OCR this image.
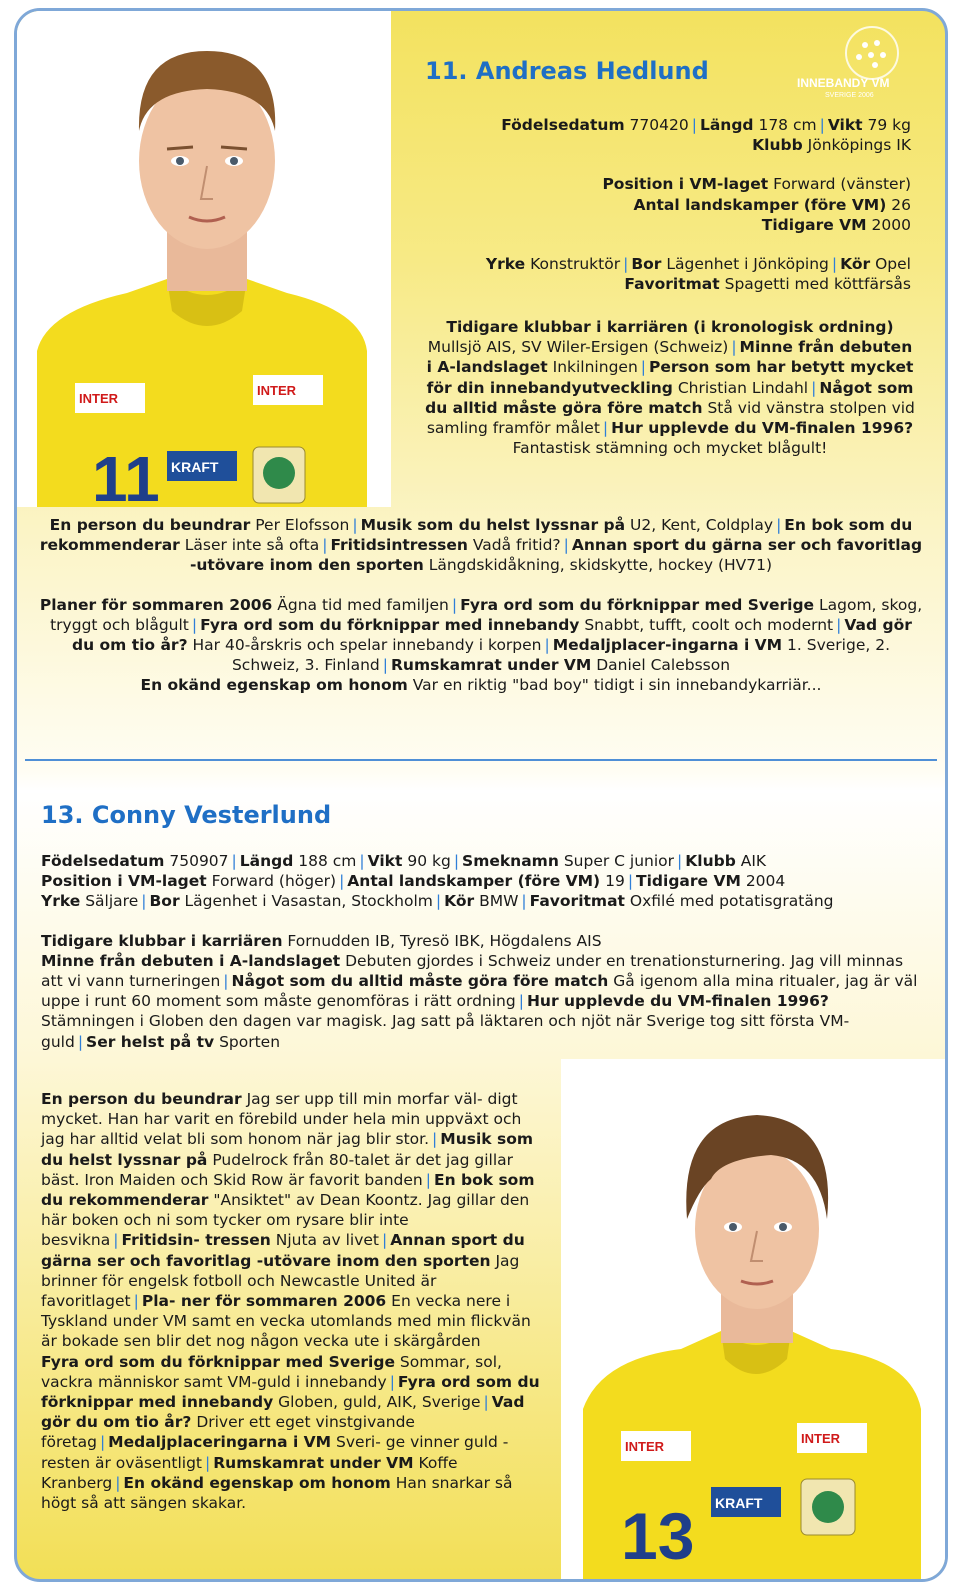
INTER
INTER
KRAFT
11
INNEBANDY VM
SVERIGE 2006
11. Andreas Hedlund

Födelsedatum 770420 | Längd 178 cm | Vikt 79 kg
Klubb Jönköpings IK

Position i VM-laget Forward (vänster)
Antal landskamper (före VM) 26
Tidigare VM 2000

Yrke Konstruktör | Bor Lägenhet i Jönköping | Kör Opel
Favoritmat Spagetti med köttfärsås

Tidigare klubbar i karriären (i kronologisk ordning) Mullsjö AIS, SV Wiler-Ersigen (Schweiz) | Minne från debuten i A-landslaget Inkilningen | Person som har betytt mycket för din innebandyutveckling Christian Lindahl | Något som du alltid måste göra före match Stå vid vänstra stolpen vid samling framför målet | Hur upplevde du VM-finalen 1996? Fantastisk stämning och mycket blågult!

En person du beundrar Per Elofsson | Musik som du helst lyssnar på U2, Kent, Coldplay | En bok som du rekommenderar Läser inte så ofta | Fritidsintressen Vadå fritid? | Annan sport du gärna ser och favoritlag -utövare inom den sporten Längdskidåkning, skidskytte, hockey (HV71)

Planer för sommaren 2006 Ägna tid med familjen | Fyra ord som du förknippar med Sverige Lagom, skog, tryggt och blågult | Fyra ord som du förknippar med innebandy Snabbt, tufft, coolt och modernt | Vad gör du om tio år? Har 40-årskris och spelar innebandy i korpen | Medaljplacer-ingarna i VM 1. Sverige, 2. Schweiz, 3. Finland | Rumskamrat under VM Daniel Calebsson
En okänd egenskap om honom Var en riktig "bad boy" tidigt i sin innebandykarriär...

13. Conny Vesterlund

Födelsedatum 750907 | Längd 188 cm | Vikt 90 kg | Smeknamn Super C junior | Klubb AIK
Position i VM-laget Forward (höger) | Antal landskamper (före VM) 19 | Tidigare VM 2004
Yrke Säljare | Bor Lägenhet i Vasastan, Stockholm | Kör BMW | Favoritmat Oxfilé med potatisgratäng

Tidigare klubbar i karriären Fornudden IB, Tyresö IBK, Högdalens AIS
Minne från debuten i A-landslaget Debuten gjordes i Schweiz under en trenationsturnering. Jag vill minnas att vi vann turneringen | Något som du alltid måste göra före match Gå igenom alla mina ritualer, jag är väl uppe i runt 60 moment som måste genomföras i rätt ordning | Hur upplevde du VM-finalen 1996? Stämningen i Globen den dagen var magisk. Jag satt på läktaren och njöt när Sverige tog sitt första VM-guld | Ser helst på tv Sporten

INTER
INTER
KRAFT
13
En person du beundrar Jag ser upp till min morfar väl- digt mycket. Han har varit en förebild under hela min uppväxt och jag har alltid velat bli som honom när jag blir stor. | Musik som du helst lyssnar på Pudelrock från 80-talet är det jag gillar bäst. Iron Maiden och Skid Row är favorit banden | En bok som du rekommenderar "Ansiktet" av Dean Koontz. Jag gillar den här boken och ni som tycker om rysare blir inte besvikna | Fritidsin- tressen Njuta av livet | Annan sport du gärna ser och favoritlag -utövare inom den sporten Jag brinner för engelsk fotboll och Newcastle United är favoritlaget | Pla- ner för sommaren 2006 En vecka nere i Tyskland under VM samt en vecka utomlands med min flickvän är bokade sen blir det nog någon vecka ute i skärgården
Fyra ord som du förknippar med Sverige Sommar, sol, vackra människor samt VM-guld i innebandy | Fyra ord som du förknippar med innebandy Globen, guld, AIK, Sverige | Vad gör du om tio år? Driver ett eget vinstgivande företag | Medaljplaceringarna i VM Sveri- ge vinner guld - resten är oväsentligt | Rumskamrat under VM Koffe Kranberg | En okänd egenskap om honom Han snarkar så högt så att sängen skakar.
